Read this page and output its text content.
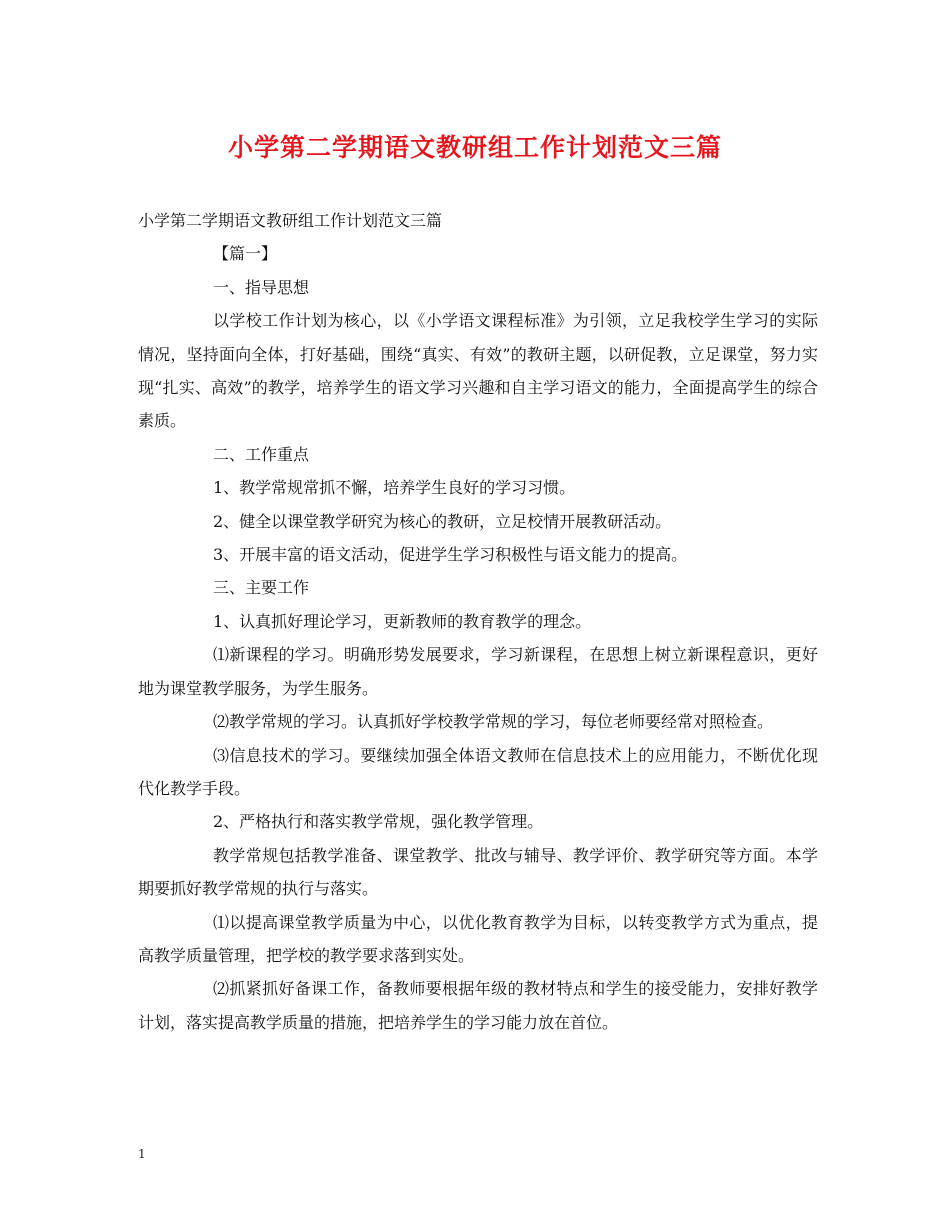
小学第二学期语文教研组工作计划范文三篇

小学第二学期语文教研组工作计划范文三篇

【篇一】

一、指导思想

以学校工作计划为核心，以《小学语文课程标准》为引领，立足我校学生学习的实际情况，坚持面向全体，打好基础，围绕“真实、有效”的教研主题，以研促教，立足课堂，努力实现“扎实、高效”的教学，培养学生的语文学习兴趣和自主学习语文的能力，全面提高学生的综合素质。

二、工作重点

1、教学常规常抓不懈，培养学生良好的学习习惯。

2、健全以课堂教学研究为核心的教研，立足校情开展教研活动。

3、开展丰富的语文活动，促进学生学习积极性与语文能力的提高。

三、主要工作

1、认真抓好理论学习，更新教师的教育教学的理念。

⑴新课程的学习。明确形势发展要求，学习新课程，在思想上树立新课程意识，更好地为课堂教学服务，为学生服务。

⑵教学常规的学习。认真抓好学校教学常规的学习，每位老师要经常对照检查。

⑶信息技术的学习。要继续加强全体语文教师在信息技术上的应用能力，不断优化现代化教学手段。

2、严格执行和落实教学常规，强化教学管理。

教学常规包括教学准备、课堂教学、批改与辅导、教学评价、教学研究等方面。本学期要抓好教学常规的执行与落实。

⑴以提高课堂教学质量为中心，以优化教育教学为目标，以转变教学方式为重点，提高教学质量管理，把学校的教学要求落到实处。

⑵抓紧抓好备课工作，备教师要根据年级的教材特点和学生的接受能力，安排好教学计划，落实提高教学质量的措施，把培养学生的学习能力放在首位。

1
